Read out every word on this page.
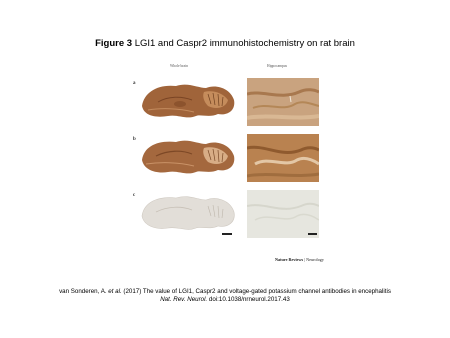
Figure 3 LGI1 and Caspr2 immunohistochemistry on rat brain
Whole brain	Hippocampus
a
b
c
Nature Reviews | Neurology
van Sonderen, A. et al. (2017) The value of LGI1, Caspr2 and voltage-gated potassium channel antibodies in encephalitis
Nat. Rev. Neurol. doi:10.1038/nrneurol.2017.43
